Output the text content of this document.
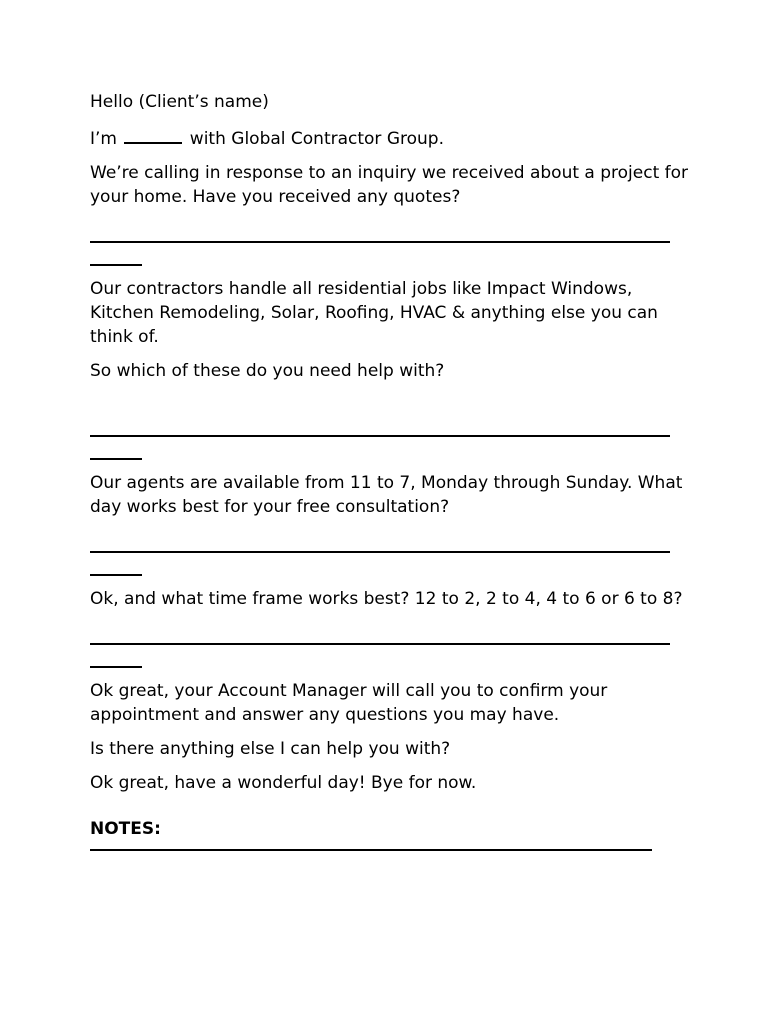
Hello (Client’s name)

I’m	with Global Contractor Group.

We’re calling in response to an inquiry we received about a project for your home. Have you received any quotes?

Our contractors handle all residential jobs like Impact Windows, Kitchen Remodeling, Solar, Roofing, HVAC & anything else you can think of.

So which of these do you need help with?

Our agents are available from 11 to 7, Monday through Sunday. What day works best for your free consultation?

Ok, and what time frame works best? 12 to 2, 2 to 4, 4 to 6 or 6 to 8?

Ok great, your Account Manager will call you to confirm your appointment and answer any questions you may have.

Is there anything else I can help you with?

Ok great, have a wonderful day! Bye for now.

NOTES:
